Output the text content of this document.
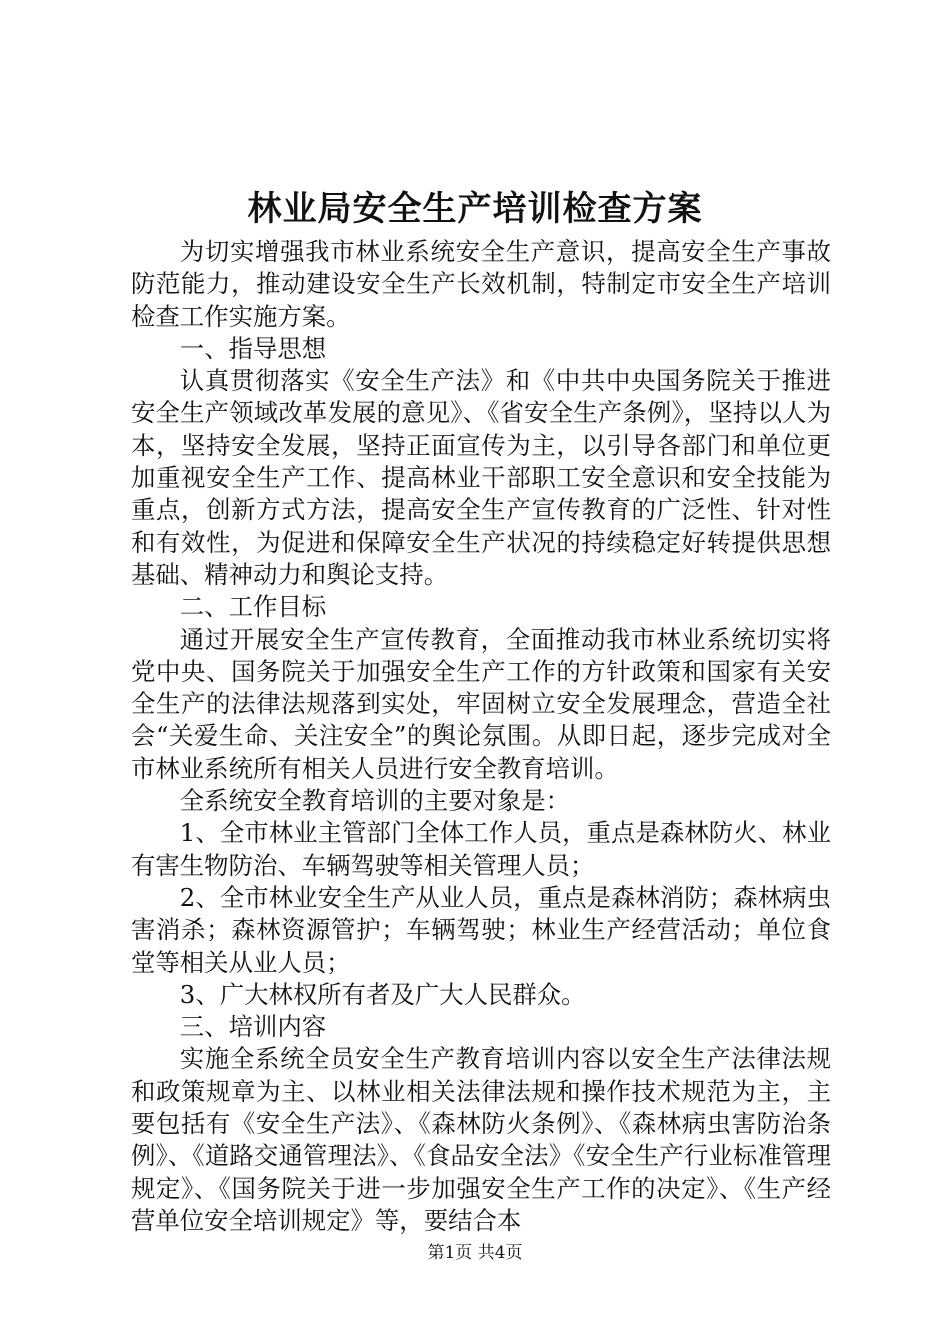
林业局安全生产培训检查方案

为切实增强我市林业系统安全生产意识，提高安全生产事故防范能力，推动建设安全生产长效机制，特制定市安全生产培训检查工作实施方案。

一、指导思想

认真贯彻落实《安全生产法》和《中共中央国务院关于推进安全生产领域改革发展的意见》、《省安全生产条例》，坚持以人为本，坚持安全发展，坚持正面宣传为主，以引导各部门和单位更加重视安全生产工作、提高林业干部职工安全意识和安全技能为重点，创新方式方法，提高安全生产宣传教育的广泛性、针对性和有效性，为促进和保障安全生产状况的持续稳定好转提供思想基础、精神动力和舆论支持。

二、工作目标

通过开展安全生产宣传教育，全面推动我市林业系统切实将党中央、国务院关于加强安全生产工作的方针政策和国家有关安全生产的法律法规落到实处，牢固树立安全发展理念，营造全社会“关爱生命、关注安全”的舆论氛围。从即日起，逐步完成对全市林业系统所有相关人员进行安全教育培训。

全系统安全教育培训的主要对象是：

1、全市林业主管部门全体工作人员，重点是森林防火、林业有害生物防治、车辆驾驶等相关管理人员；

2、全市林业安全生产从业人员，重点是森林消防；森林病虫害消杀；森林资源管护；车辆驾驶；林业生产经营活动；单位食堂等相关从业人员；

3、广大林权所有者及广大人民群众。

三、培训内容

实施全系统全员安全生产教育培训内容以安全生产法律法规和政策规章为主、以林业相关法律法规和操作技术规范为主，主要包括有《安全生产法》、《森林防火条例》、《森林病虫害防治条例》、《道路交通管理法》、《食品安全法》《安全生产行业标准管理规定》、《国务院关于进一步加强安全生产工作的决定》、《生产经营单位安全培训规定》等，要结合本

第1页 共4页
